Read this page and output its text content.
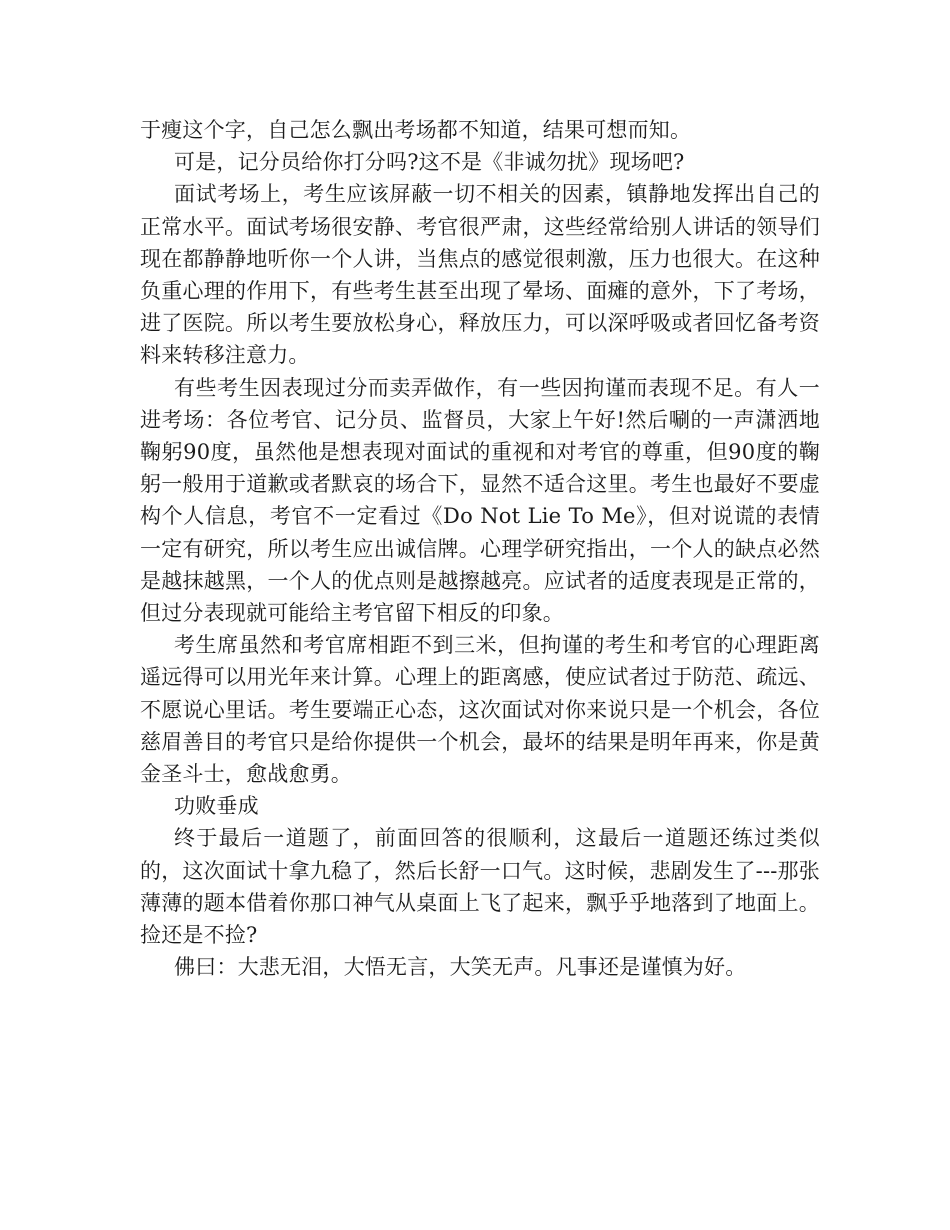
于瘦这个字，自己怎么飘出考场都不知道，结果可想而知。

可是，记分员给你打分吗?这不是《非诚勿扰》现场吧?

面试考场上，考生应该屏蔽一切不相关的因素，镇静地发挥出自己的正常水平。面试考场很安静、考官很严肃，这些经常给别人讲话的领导们现在都静静地听你一个人讲，当焦点的感觉很刺激，压力也很大。在这种负重心理的作用下，有些考生甚至出现了晕场、面瘫的意外，下了考场，进了医院。所以考生要放松身心，释放压力，可以深呼吸或者回忆备考资料来转移注意力。

有些考生因表现过分而卖弄做作，有一些因拘谨而表现不足。有人一进考场：各位考官、记分员、监督员，大家上午好!然后唰的一声潇洒地鞠躬90度，虽然他是想表现对面试的重视和对考官的尊重，但90度的鞠躬一般用于道歉或者默哀的场合下，显然不适合这里。考生也最好不要虚构个人信息，考官不一定看过《Do Not Lie To Me》，但对说谎的表情一定有研究，所以考生应出诚信牌。心理学研究指出，一个人的缺点必然是越抹越黑，一个人的优点则是越擦越亮。应试者的适度表现是正常的，但过分表现就可能给主考官留下相反的印象。

考生席虽然和考官席相距不到三米，但拘谨的考生和考官的心理距离遥远得可以用光年来计算。心理上的距离感，使应试者过于防范、疏远、不愿说心里话。考生要端正心态，这次面试对你来说只是一个机会，各位慈眉善目的考官只是给你提供一个机会，最坏的结果是明年再来，你是黄金圣斗士，愈战愈勇。

功败垂成

终于最后一道题了，前面回答的很顺利，这最后一道题还练过类似的，这次面试十拿九稳了，然后长舒一口气。这时候，悲剧发生了---那张薄薄的题本借着你那口神气从桌面上飞了起来，飘乎乎地落到了地面上。捡还是不捡?

佛曰：大悲无泪，大悟无言，大笑无声。凡事还是谨慎为好。
